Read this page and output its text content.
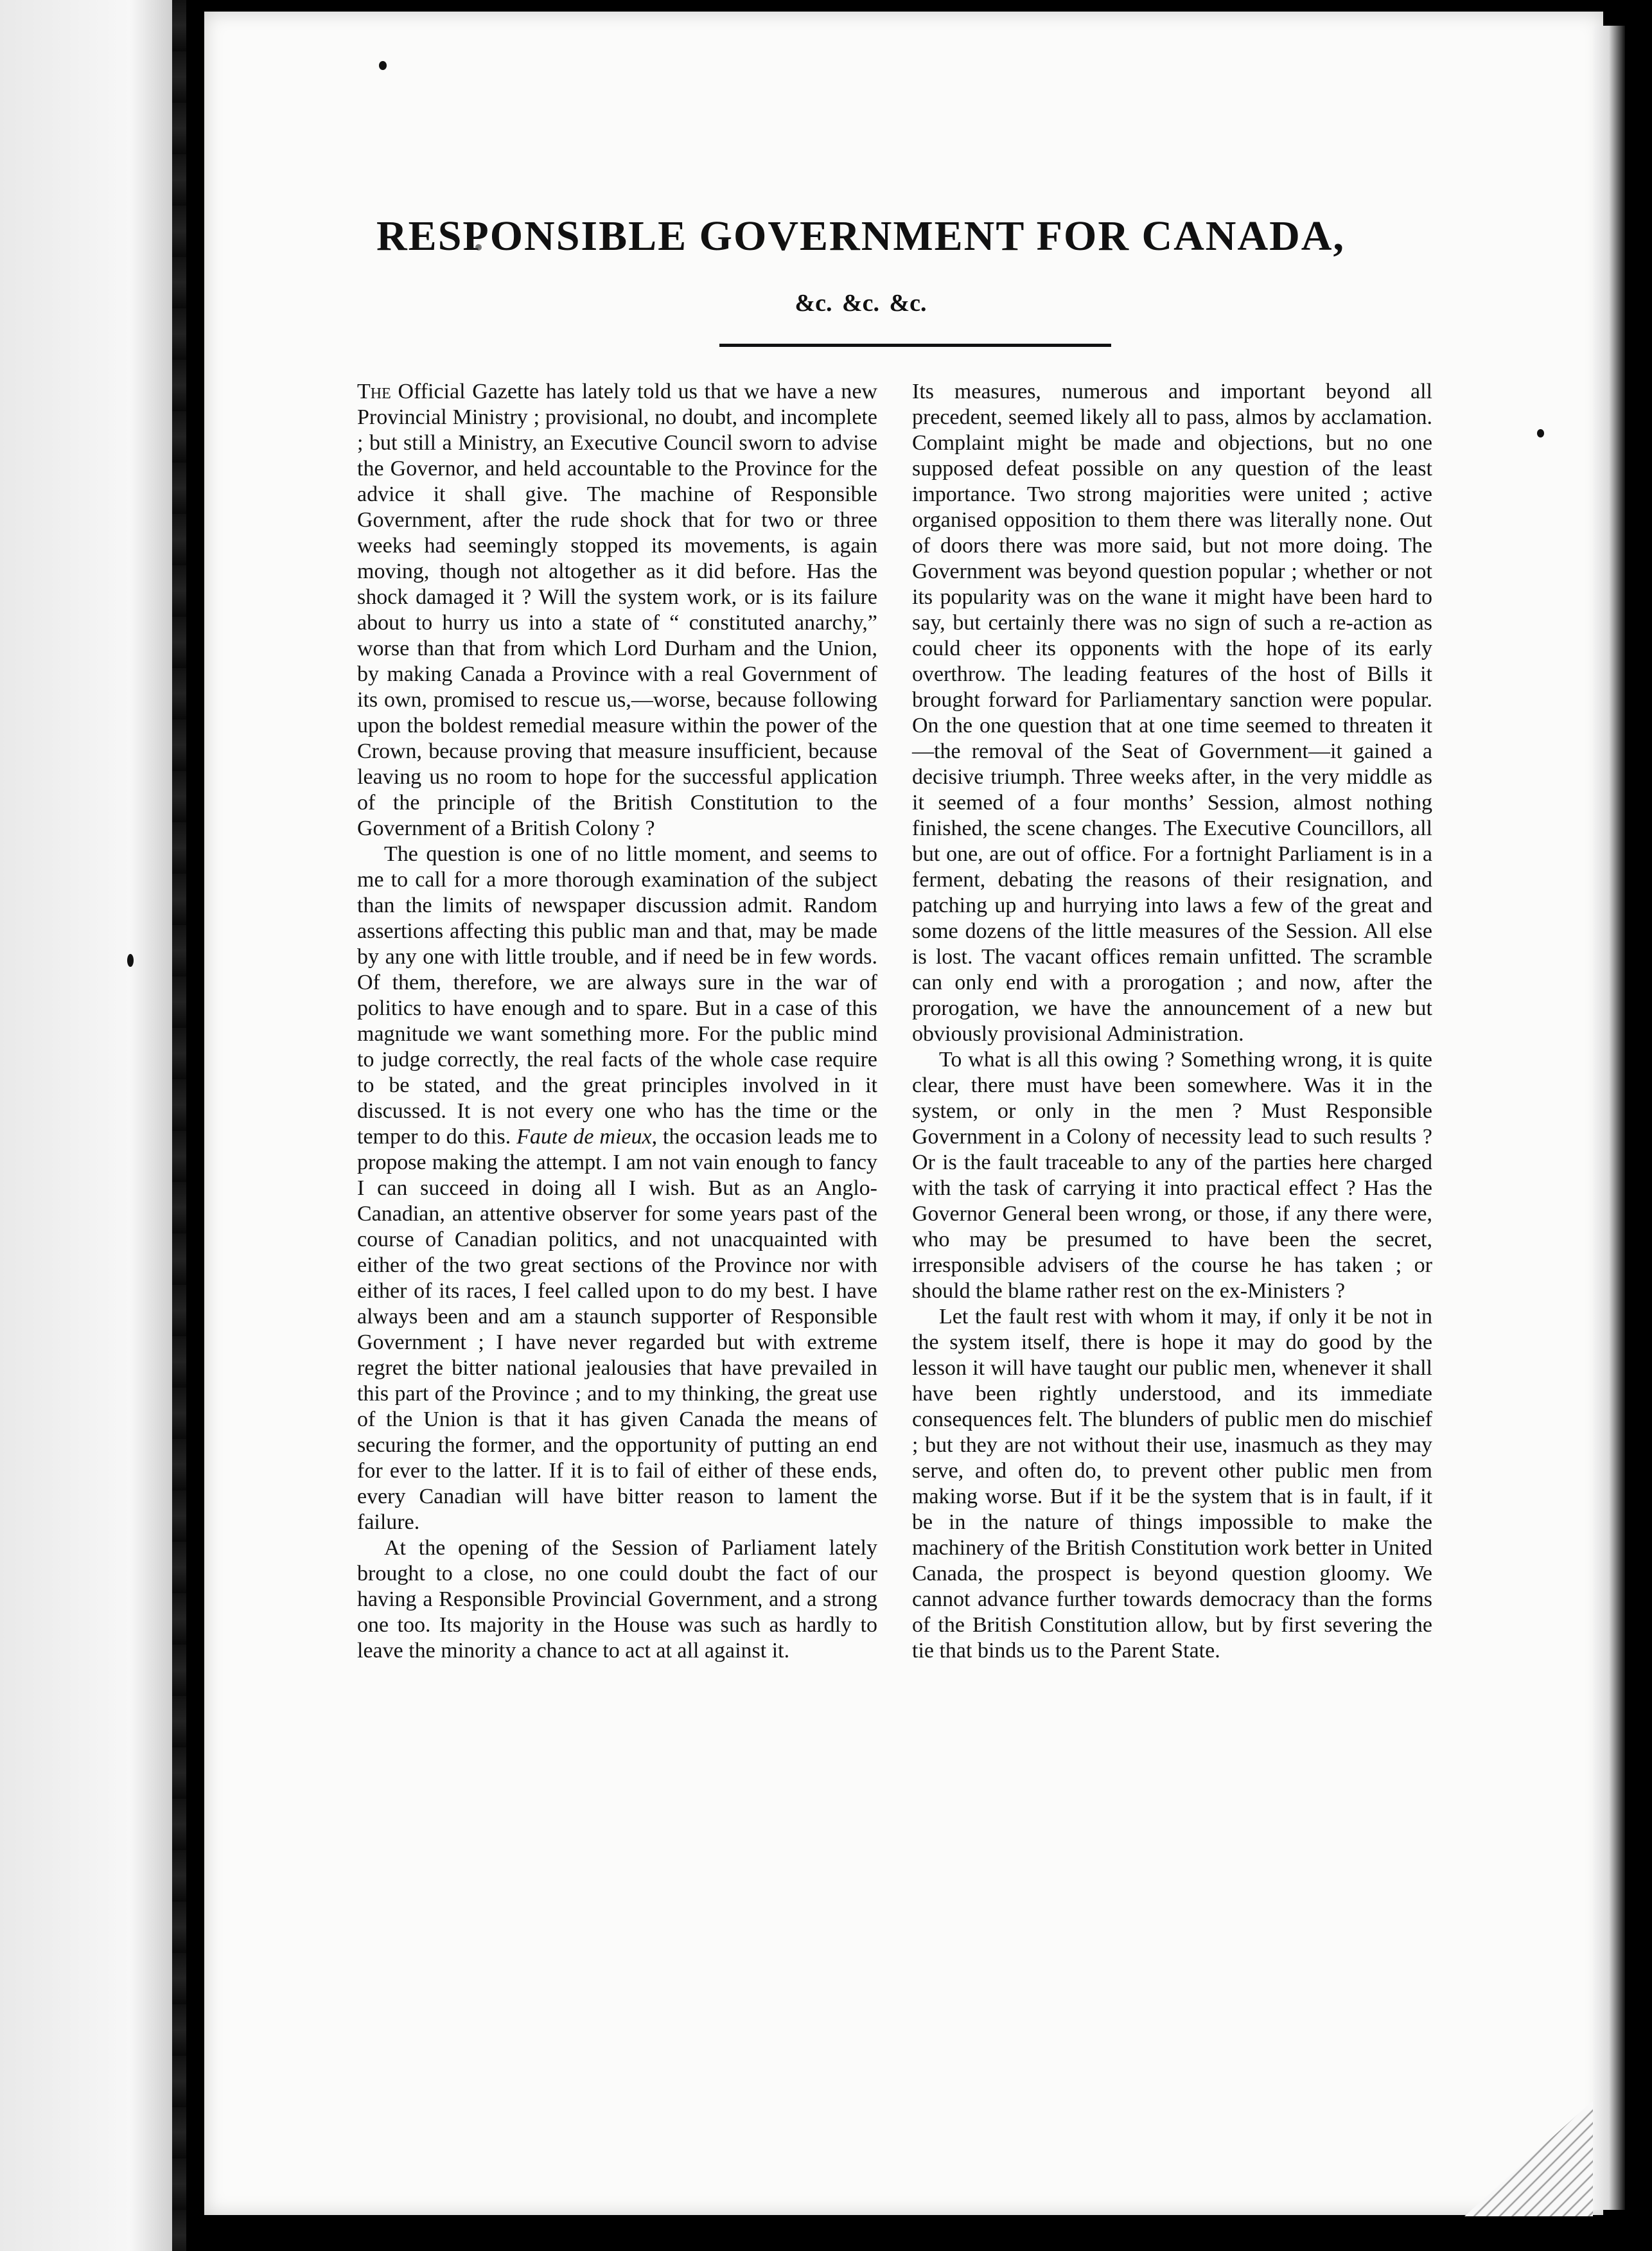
RESPONSIBLE GOVERNMENT FOR CANADA,
&c. &c. &c.

The Official Gazette has lately told us that we have a new Provincial Ministry ; provisional, no doubt, and incomplete ; but still a Ministry, an Executive Council sworn to advise the Governor, and held accountable to the Province for the advice it shall give. The machine of Responsible Government, after the rude shock that for two or three weeks had seemingly stopped its movements, is again moving, though not altogether as it did before. Has the shock damaged it ? Will the system work, or is its failure about to hurry us into a state of “ constituted anarchy,” worse than that from which Lord Durham and the Union, by making Canada a Province with a real Government of its own, promised to rescue us,—worse, because following upon the boldest remedial measure within the power of the Crown, because proving that measure insufficient, because leaving us no room to hope for the successful application of the principle of the British Constitution to the Government of a British Colony ?

The question is one of no little moment, and seems to me to call for a more thorough examination of the subject than the limits of newspaper discussion admit. Random assertions affecting this public man and that, may be made by any one with little trouble, and if need be in few words. Of them, therefore, we are always sure in the war of politics to have enough and to spare. But in a case of this magnitude we want something more. For the public mind to judge correctly, the real facts of the whole case require to be stated, and the great principles involved in it discussed. It is not every one who has the time or the temper to do this. Faute de mieux, the occasion leads me to propose making the attempt. I am not vain enough to fancy I can succeed in doing all I wish. But as an Anglo-Canadian, an attentive observer for some years past of the course of Canadian politics, and not unacquainted with either of the two great sections of the Province nor with either of its races, I feel called upon to do my best. I have always been and am a staunch supporter of Responsible Government ; I have never regarded but with extreme regret the bitter national jealousies that have prevailed in this part of the Province ; and to my thinking, the great use of the Union is that it has given Canada the means of securing the former, and the opportunity of putting an end for ever to the latter. If it is to fail of either of these ends, every Canadian will have bitter reason to lament the failure.

At the opening of the Session of Parliament lately brought to a close, no one could doubt the fact of our having a Responsible Provincial Government, and a strong one too. Its majority in the House was such as hardly to leave the minority a chance to act at all against it.

Its measures, numerous and important beyond all precedent, seemed likely all to pass, almos by acclamation. Complaint might be made and objections, but no one supposed defeat possible on any question of the least importance. Two strong majorities were united ; active organised opposition to them there was literally none. Out of doors there was more said, but not more doing. The Government was beyond question popular ; whether or not its popularity was on the wane it might have been hard to say, but certainly there was no sign of such a re-action as could cheer its opponents with the hope of its early overthrow. The leading features of the host of Bills it brought forward for Parliamentary sanction were popular. On the one question that at one time seemed to threaten it—the removal of the Seat of Government—it gained a decisive triumph. Three weeks after, in the very middle as it seemed of a four months’ Session, almost nothing finished, the scene changes. The Executive Councillors, all but one, are out of office. For a fortnight Parliament is in a ferment, debating the reasons of their resignation, and patching up and hurrying into laws a few of the great and some dozens of the little measures of the Session. All else is lost. The vacant offices remain unfitted. The scramble can only end with a prorogation ; and now, after the prorogation, we have the announcement of a new but obviously provisional Administration.

To what is all this owing ? Something wrong, it is quite clear, there must have been somewhere. Was it in the system, or only in the men ? Must Responsible Government in a Colony of necessity lead to such results ? Or is the fault traceable to any of the parties here charged with the task of carrying it into practical effect ? Has the Governor General been wrong, or those, if any there were, who may be presumed to have been the secret, irresponsible advisers of the course he has taken ; or should the blame rather rest on the ex-Ministers ?

Let the fault rest with whom it may, if only it be not in the system itself, there is hope it may do good by the lesson it will have taught our public men, whenever it shall have been rightly understood, and its immediate consequences felt. The blunders of public men do mischief ; but they are not without their use, inasmuch as they may serve, and often do, to prevent other public men from making worse. But if it be the system that is in fault, if it be in the nature of things impossible to make the machinery of the British Constitution work better in United Canada, the prospect is beyond question gloomy. We cannot advance further towards democracy than the forms of the British Constitution allow, but by first severing the tie that binds us to the Parent State.
